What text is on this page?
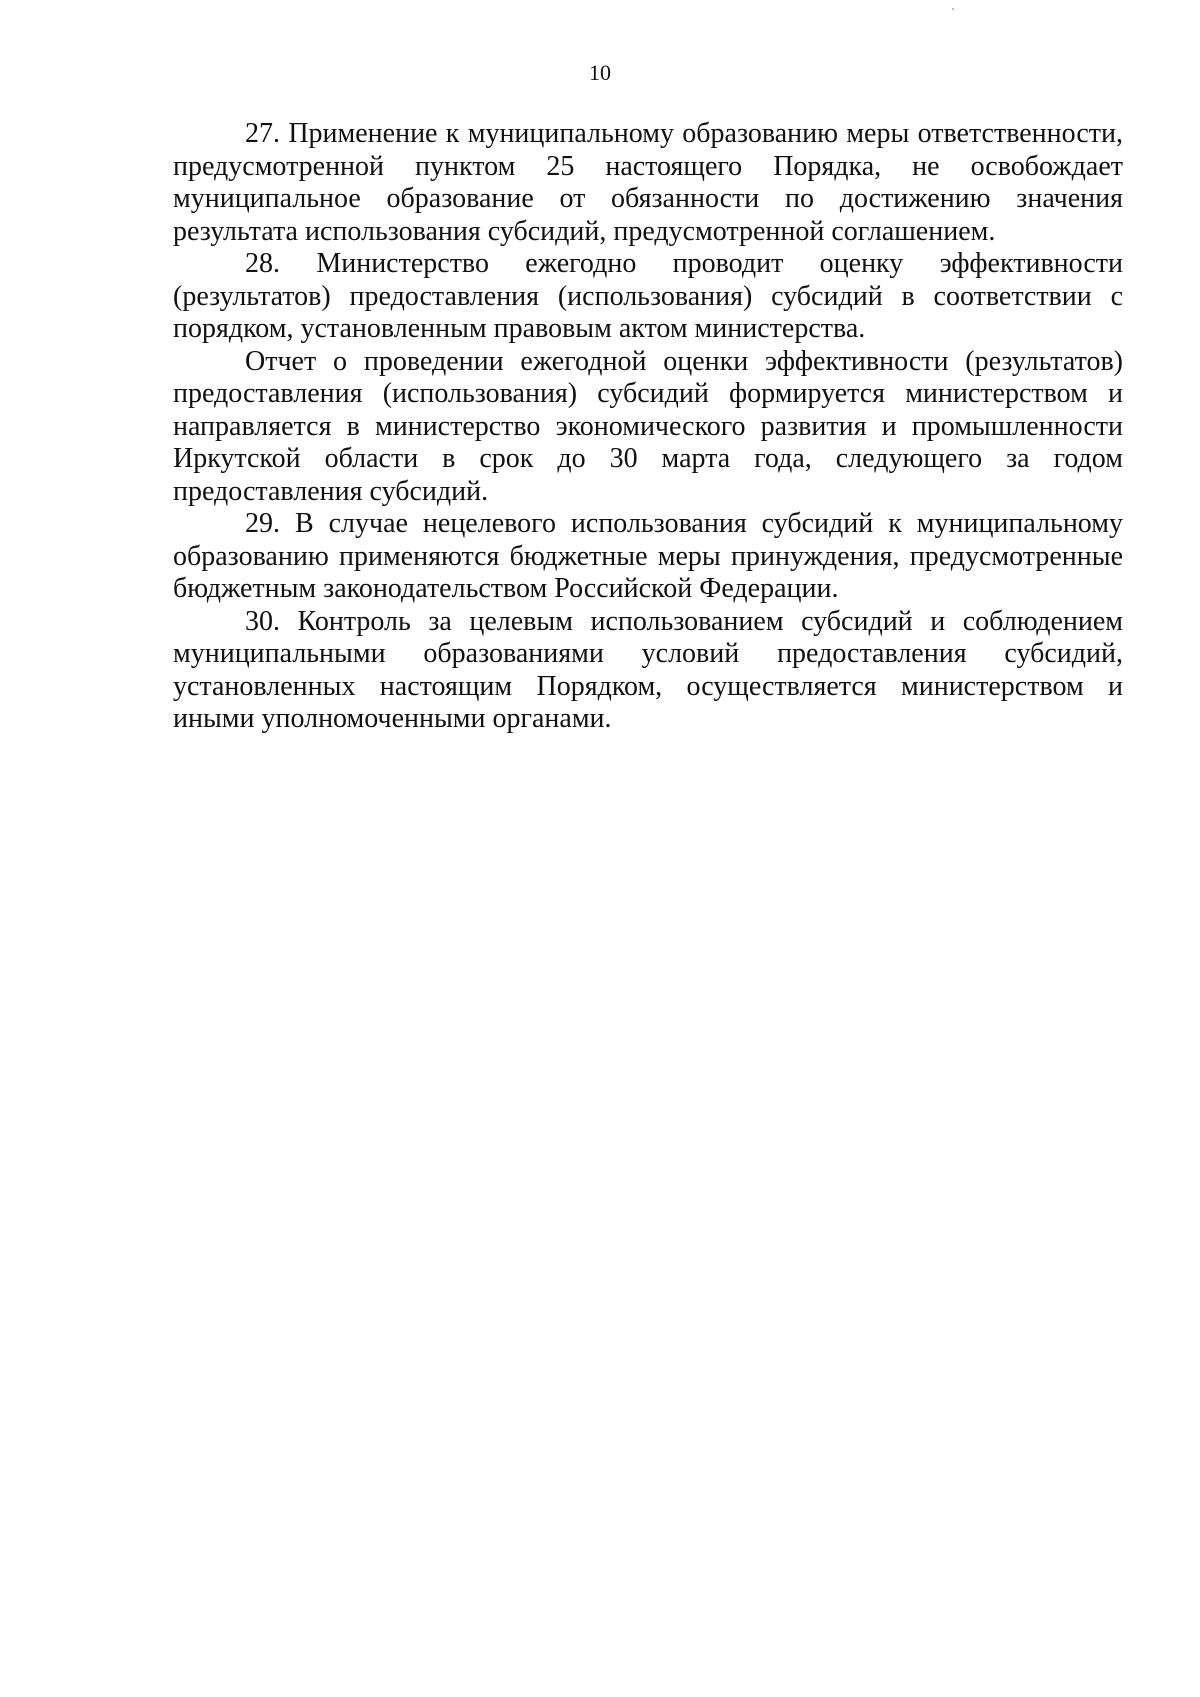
10

27. Применение к муниципальному образованию меры ответственности, предусмотренной пунктом 25 настоящего Порядка, не освобождает муниципальное образование от обязанности по достижению значения результата использования субсидий, предусмотренной соглашением.

28. Министерство ежегодно проводит оценку эффективности (результатов) предоставления (использования) субсидий в соответствии с порядком, установленным правовым актом министерства.

Отчет о проведении ежегодной оценки эффективности (результатов) предоставления (использования) субсидий формируется министерством и направляется в министерство экономического развития и промышленности Иркутской области в срок до 30 марта года, следующего за годом предоставления субсидий.

29. В случае нецелевого использования субсидий к муниципальному образованию применяются бюджетные меры принуждения, предусмотренные бюджетным законодательством Российской Федерации.

30. Контроль за целевым использованием субсидий и соблюдением муниципальными образованиями условий предоставления субсидий, установленных настоящим Порядком, осуществляется министерством и иными уполномоченными органами.
